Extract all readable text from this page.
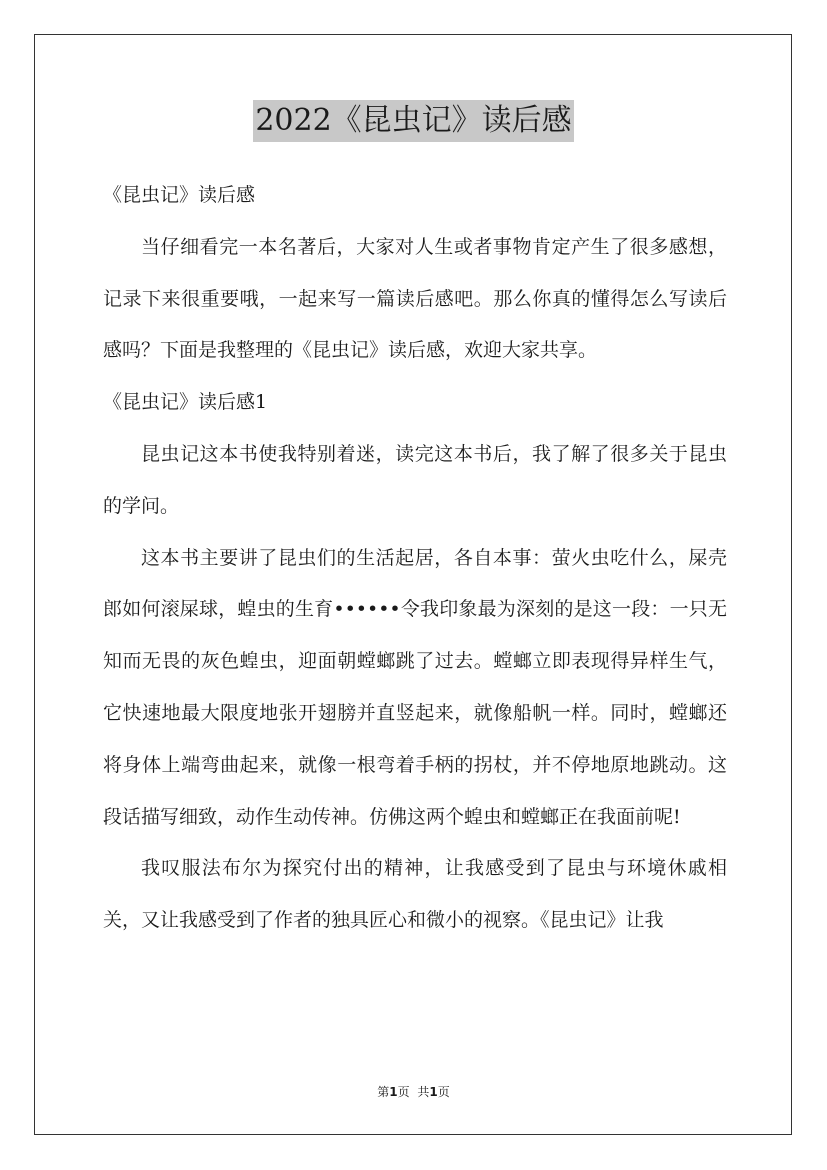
2022《昆虫记》读后感

《昆虫记》读后感

当仔细看完一本名著后，大家对人生或者事物肯定产生了很多感想，记录下来很重要哦，一起来写一篇读后感吧。那么你真的懂得怎么写读后感吗？下面是我整理的《昆虫记》读后感，欢迎大家共享。

《昆虫记》读后感1

昆虫记这本书使我特别着迷，读完这本书后，我了解了很多关于昆虫的学问。

这本书主要讲了昆虫们的生活起居，各自本事：萤火虫吃什么，屎壳郎如何滚屎球，蝗虫的生育••••••令我印象最为深刻的是这一段：一只无知而无畏的灰色蝗虫，迎面朝螳螂跳了过去。螳螂立即表现得异样生气，它快速地最大限度地张开翅膀并直竖起来，就像船帆一样。同时，螳螂还将身体上端弯曲起来，就像一根弯着手柄的拐杖，并不停地原地跳动。这段话描写细致，动作生动传神。仿佛这两个蝗虫和螳螂正在我面前呢!

我叹服法布尔为探究付出的精神，让我感受到了昆虫与环境休戚相关，又让我感受到了作者的独具匠心和微小的视察。《昆虫记》让我

第1页 共1页
